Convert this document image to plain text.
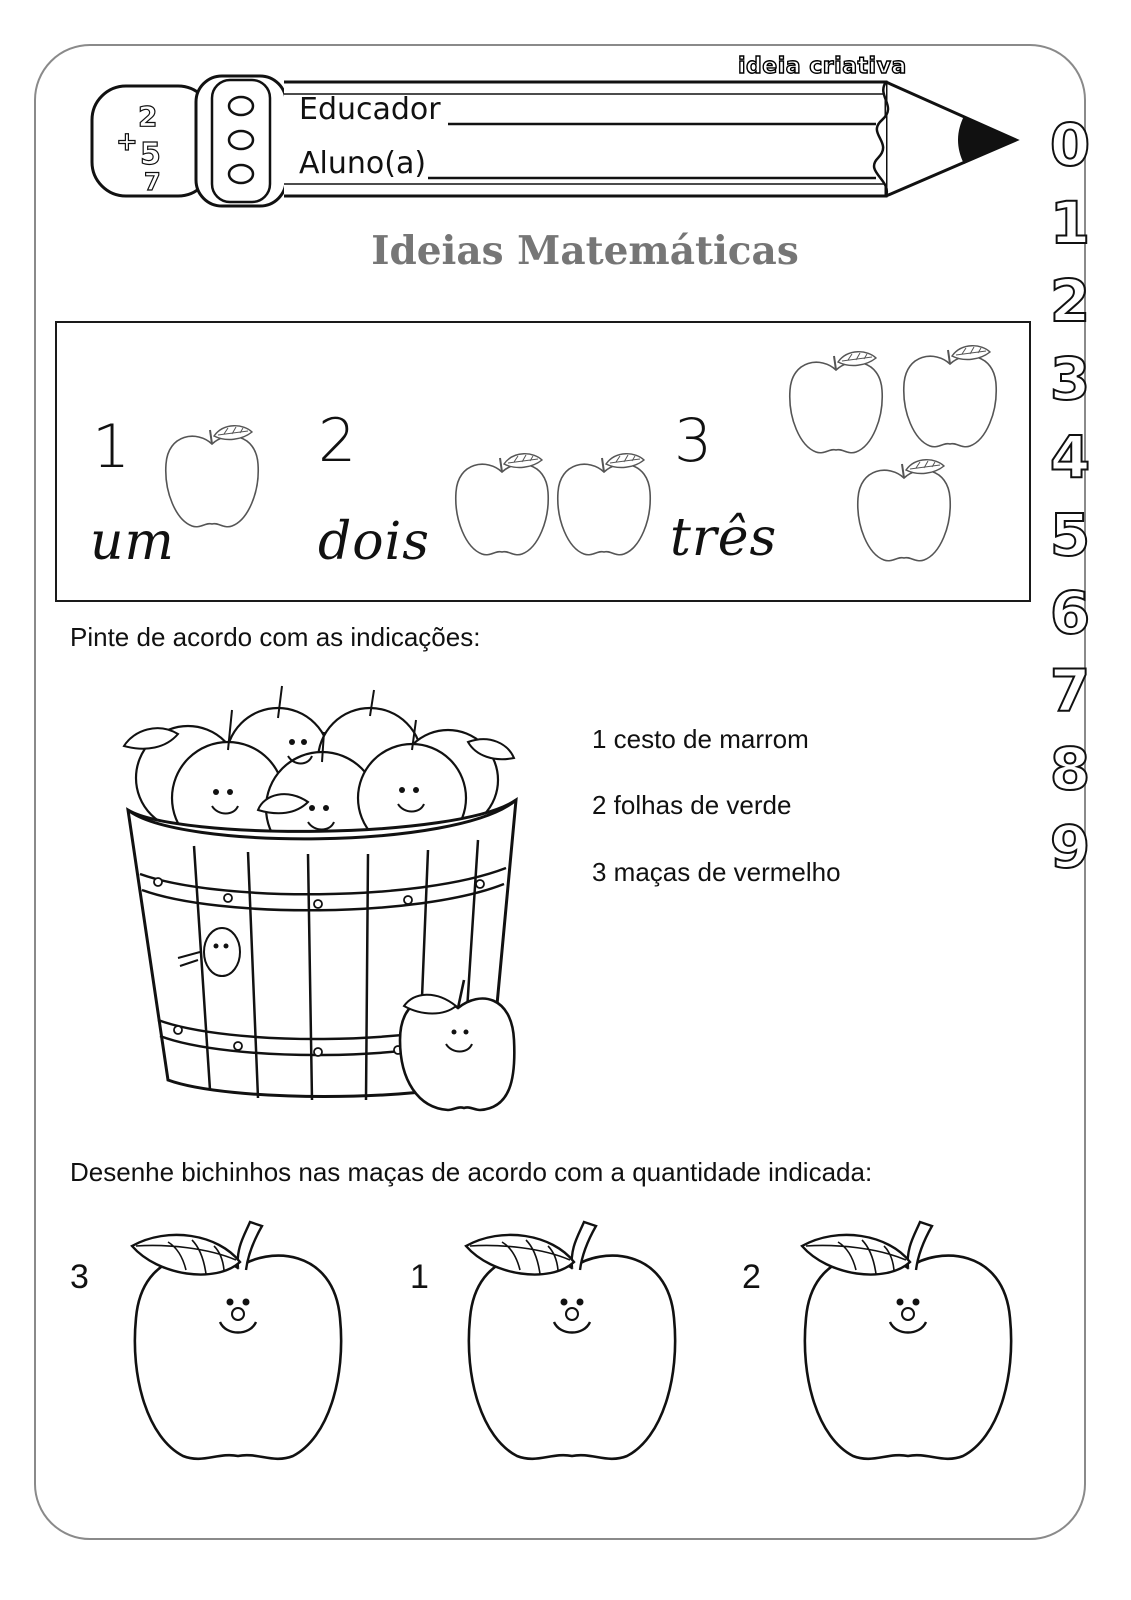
ideia criativa
2
+ 5
7
Educador
Aluno(a)
Ideias Matemáticas
1
um
2
dois
3
três
Pinte de acordo com as indicações:
1 cesto de marrom
2 folhas de verde
3 maças de vermelho
Desenhe bichinhos nas maças de acordo com a quantidade indicada:
3	1	2
0
1
2
3
4
5
6
7
8
9
